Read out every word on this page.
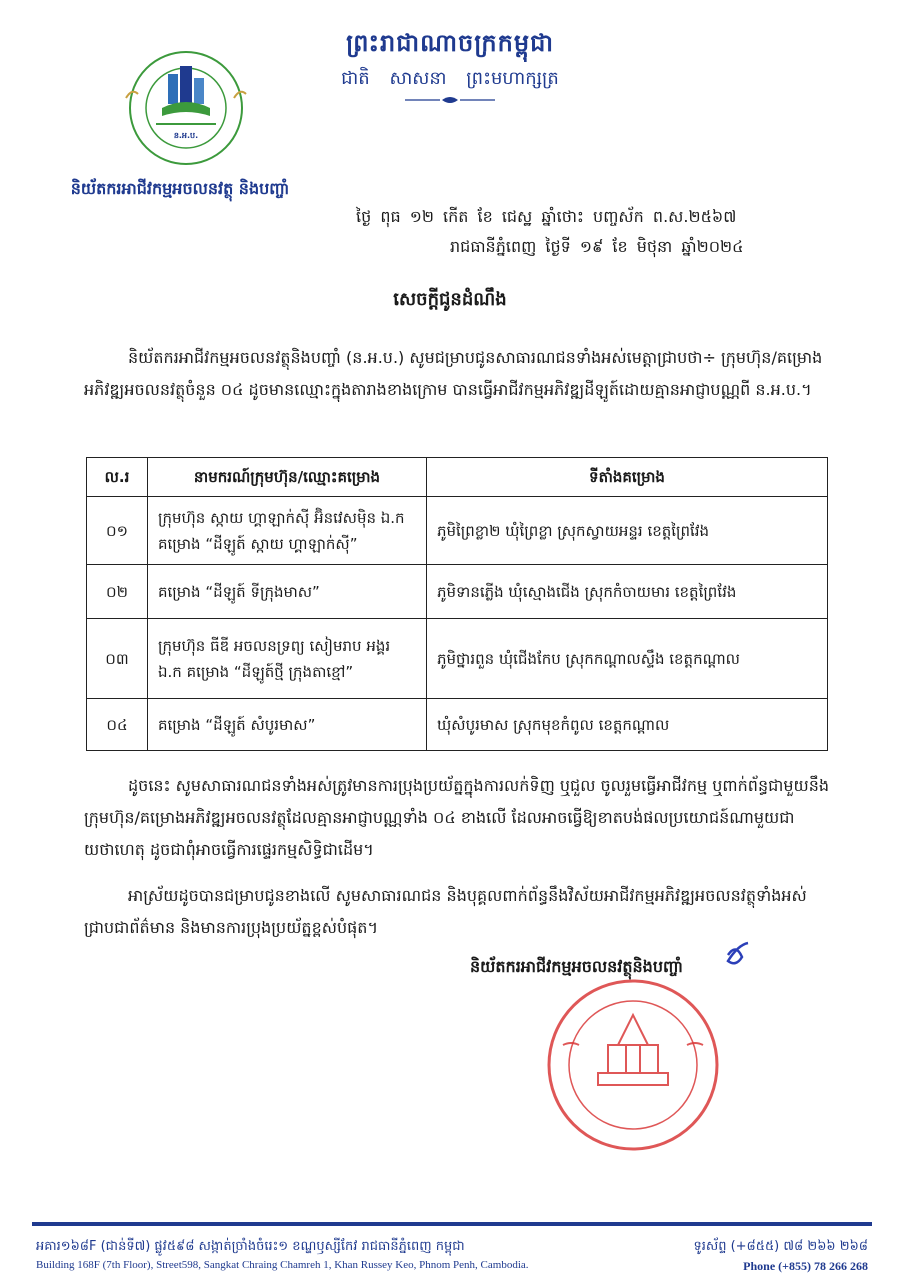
ព្រះរាជាណាចក្រកម្ពុជា
ជាតិ សាសនា ព្រះមហាក្សត្រ
ន.អ.ប.
និយ័តករអាជីវកម្មអចលនវត្ថុ និងបញ្ចាំ
ថ្ងៃ ពុធ ១២ កើត ខែ ជេស្ឋ ឆ្នាំថោះ បញ្ចស័ក ព.ស.២៥៦៧
រាជធានីភ្នំពេញ ថ្ងៃទី ១៩ ខែ មិថុនា ឆ្នាំ២០២៤
សេចក្តីជូនដំណឹង
និយ័តករអាជីវកម្មអចលនវត្ថុនិងបញ្ចាំ (ន.អ.ប.) សូមជម្រាបជូនសាធារណជនទាំងអស់មេត្តាជ្រាបថា÷ ក្រុមហ៊ុន/គម្រោងអភិវឌ្ឍអចលនវត្ថុចំនួន ០៤ ដូចមានឈ្មោះក្នុងតារាងខាងក្រោម បានធ្វើអាជីវកម្មអភិវឌ្ឍដីឡូត៍ដោយគ្មានអាជ្ញាបណ្ណពី ន.អ.ប.។
ល.រ	នាមករណ៍ក្រុមហ៊ុន/ឈ្មោះគម្រោង	ទីតាំងគម្រោង
០១	ក្រុមហ៊ុន ស្កាយ ហ្គាឡាក់ស៊ី អ៊ិនវេសម៉ិន ឯ.ក គម្រោង “ដីឡូត៍ ស្កាយ ហ្គាឡាក់ស៊ី”	ភូមិព្រៃខ្លា២ ឃុំព្រៃខ្លា ស្រុកស្វាយអន្ទរ ខេត្តព្រៃវែង
០២	គម្រោង “ដីឡូត៍ ទីក្រុងមាស”	ភូមិទានភ្លើង ឃុំស្មោងជើង ស្រុកកំចាយមារ ខេត្តព្រៃវែង
០៣	ក្រុមហ៊ុន ធីឌី អចលនទ្រព្យ សៀមរាប អង្គរ ឯ.ក គម្រោង “ដីឡូត៍ថ្មី ក្រុងតាខ្មៅ”	ភូមិថ្នារពួន ឃុំជើងកែប ស្រុកកណ្ដាលស្ទឹង ខេត្តកណ្ដាល
០៤	គម្រោង “ដីឡូត៍ សំបូរមាស”	ឃុំសំបូរមាស ស្រុកមុខកំពូល ខេត្តកណ្ដាល
ដូចនេះ សូមសាធារណជនទាំងអស់ត្រូវមានការប្រុងប្រយ័ត្នក្នុងការលក់ទិញ ឬជួល ចូលរួមធ្វើអាជីវកម្ម ឬពាក់ព័ន្ធជាមួយនឹងក្រុមហ៊ុន/គម្រោងអភិវឌ្ឍអចលនវត្ថុដែលគ្មានអាជ្ញាបណ្ណទាំង ០៤ ខាងលើ ដែលអាចធ្វើឱ្យខាតបង់ផលប្រយោជន៍ណាមួយជាយថាហេតុ ដូចជាពុំអាចធ្វើការផ្ទេរកម្មសិទ្ធិជាដើម។
អាស្រ័យដូចបានជម្រាបជូនខាងលើ សូមសាធារណជន និងបុគ្គលពាក់ព័ន្ធនឹងវិស័យអាជីវកម្មអភិវឌ្ឍអចលនវត្ថុទាំងអស់ ជ្រាបជាព័ត៌មាន និងមានការប្រុងប្រយ័ត្នខ្ពស់បំផុត។
និយ័តករអាជីវកម្មអចលនវត្ថុនិងបញ្ចាំ
អគារ១៦៨F (ជាន់ទី៧) ផ្លូវ៥៩៨ សង្កាត់ច្រាំងចំរេះ១ ខណ្ឌឫស្សីកែវ រាជធានីភ្នំពេញ កម្ពុជា
Building 168F (7th Floor), Street598, Sangkat Chraing Chamreh 1, Khan Russey Keo, Phnom Penh, Cambodia.
ទូរស័ព្ទ (+៨៥៥) ៧៨ ២៦៦ ២៦៨
Phone (+855) 78 266 268
